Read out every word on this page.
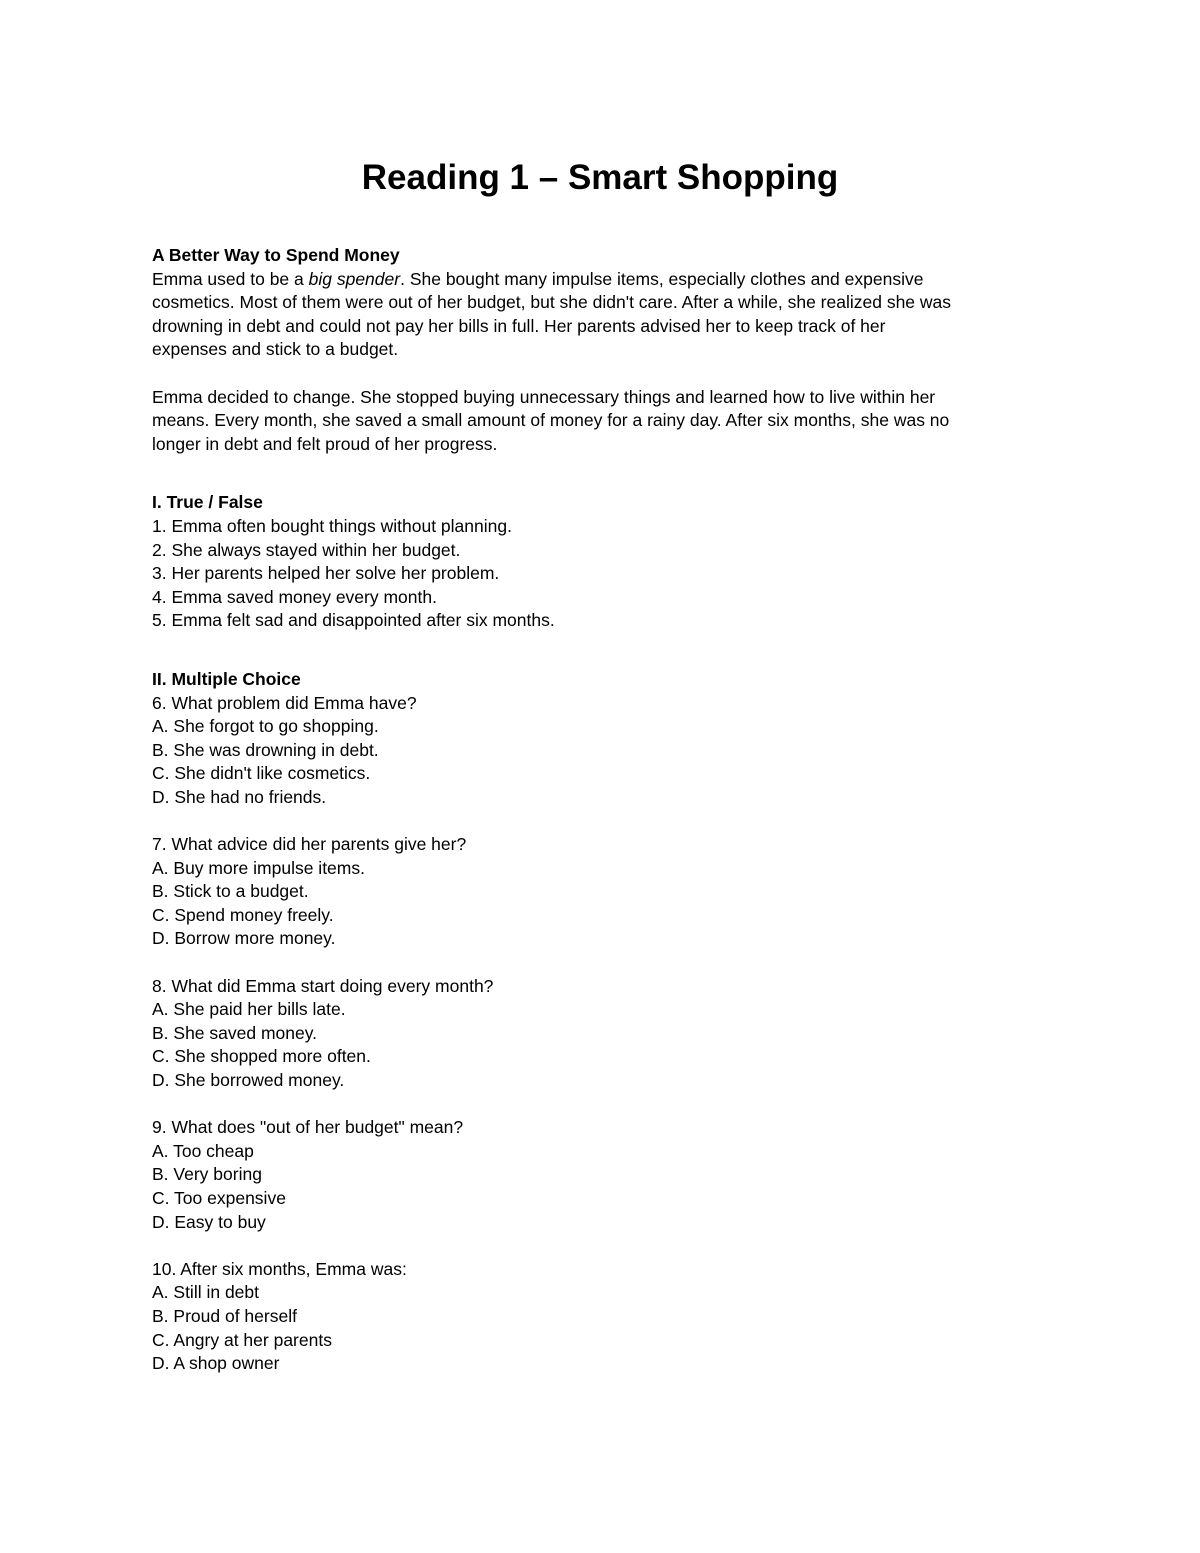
Reading 1 – Smart Shopping
A Better Way to Spend Money
Emma used to be a big spender. She bought many impulse items, especially clothes and expensive
cosmetics. Most of them were out of her budget, but she didn't care. After a while, she realized she was
drowning in debt and could not pay her bills in full. Her parents advised her to keep track of her
expenses and stick to a budget.
Emma decided to change. She stopped buying unnecessary things and learned how to live within her
means. Every month, she saved a small amount of money for a rainy day. After six months, she was no
longer in debt and felt proud of her progress.
I. True / False
1. Emma often bought things without planning.
2. She always stayed within her budget.
3. Her parents helped her solve her problem.
4. Emma saved money every month.
5. Emma felt sad and disappointed after six months.
II. Multiple Choice
6. What problem did Emma have?
A. She forgot to go shopping.
B. She was drowning in debt.
C. She didn't like cosmetics.
D. She had no friends.
7. What advice did her parents give her?
A. Buy more impulse items.
B. Stick to a budget.
C. Spend money freely.
D. Borrow more money.
8. What did Emma start doing every month?
A. She paid her bills late.
B. She saved money.
C. She shopped more often.
D. She borrowed money.
9. What does "out of her budget" mean?
A. Too cheap
B. Very boring
C. Too expensive
D. Easy to buy
10. After six months, Emma was:
A. Still in debt
B. Proud of herself
C. Angry at her parents
D. A shop owner
